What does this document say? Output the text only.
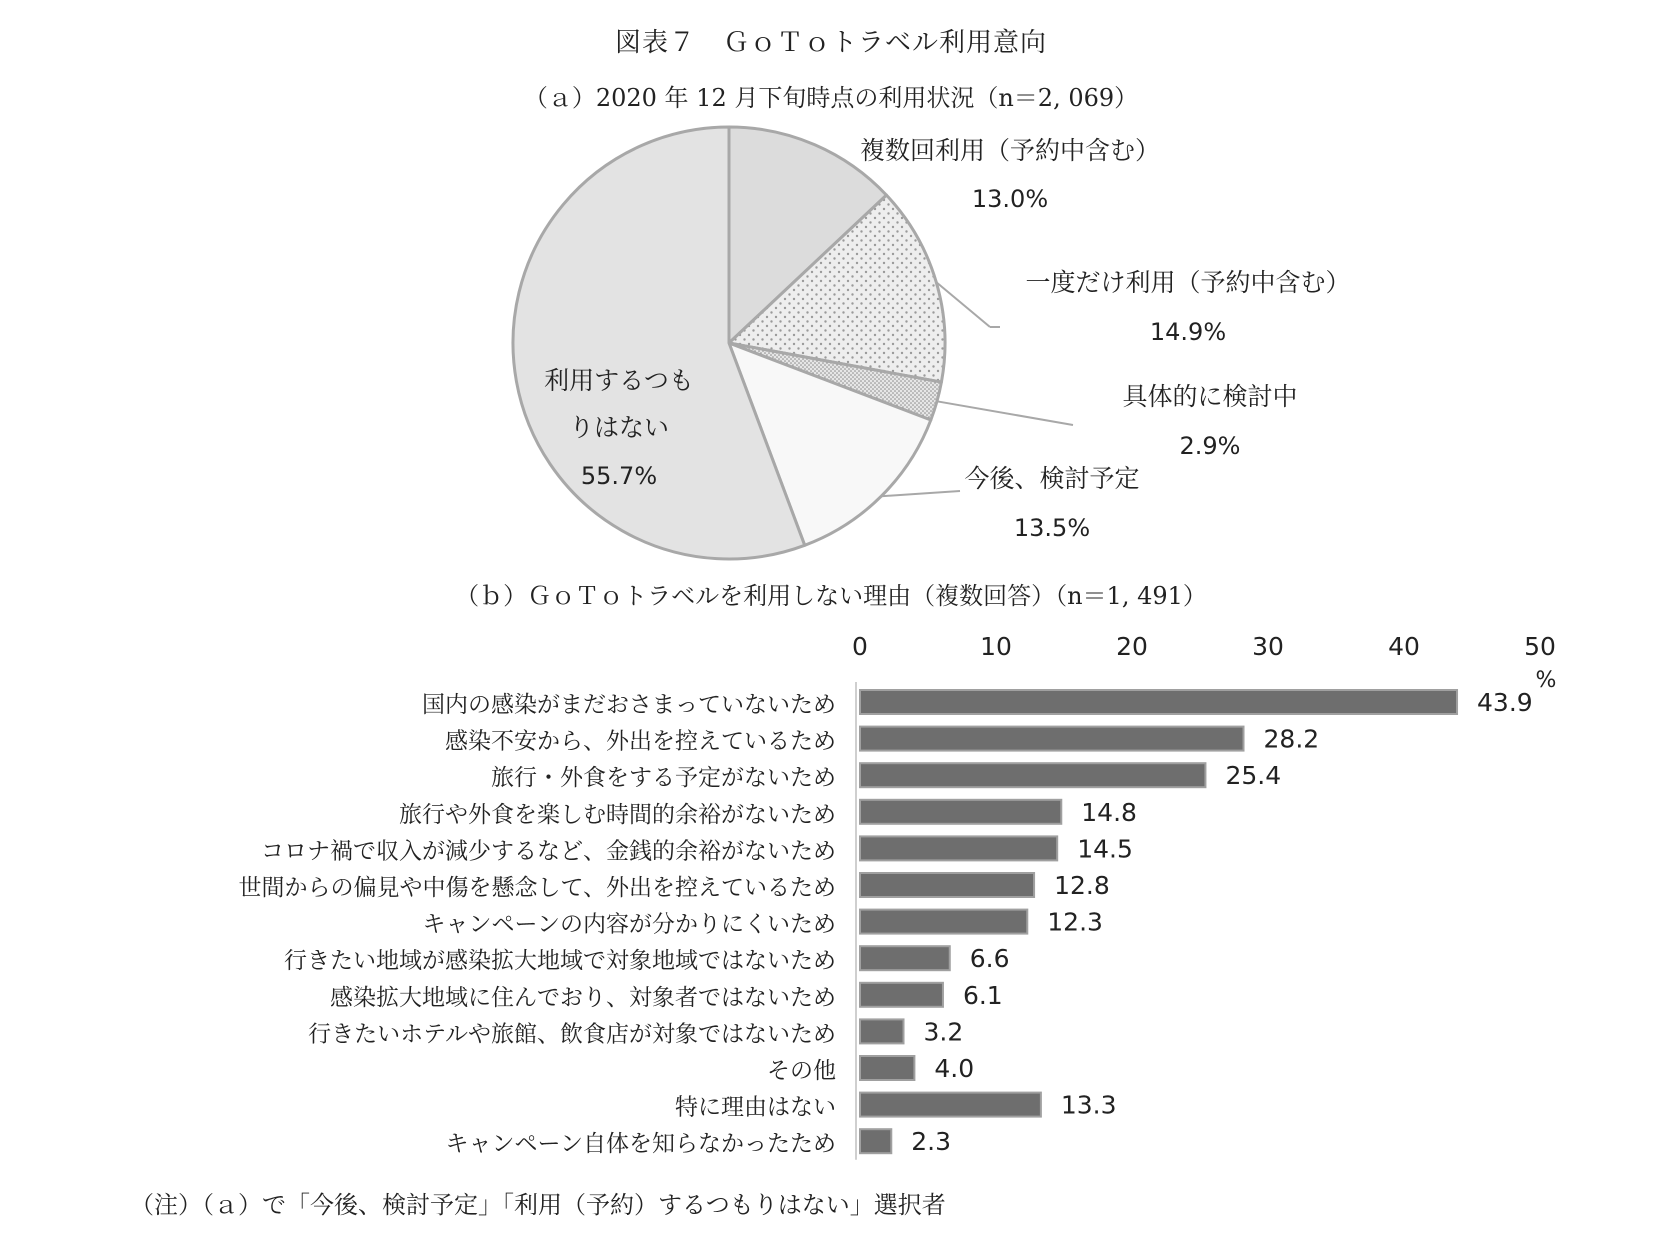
図表７　ＧｏＴｏトラベル利用意向
（ａ）2020 年 12 月下旬時点の利用状況（n＝2, 069）
（ｂ）ＧｏＴｏトラベルを利用しない理由（複数回答）（n＝1, 491）
（注）（ａ）で「今後、検討予定」「利用（予約）するつもりはない」選択者
複数回利用（予約中含む）
13.0%
一度だけ利用（予約中含む）
14.9%
具体的に検討中
2.9%
今後、検討予定
13.5%
利用するつも
りはない
55.7%
0	10	20	30	40	50
%
国内の感染がまだおさまっていないため
感染不安から、外出を控えているため
旅行・外食をする予定がないため
旅行や外食を楽しむ時間的余裕がないため
コロナ禍で収入が減少するなど、金銭的余裕がないため
世間からの偏見や中傷を懸念して、外出を控えているため
キャンペーンの内容が分かりにくいため
行きたい地域が感染拡大地域で対象地域ではないため
感染拡大地域に住んでおり、対象者ではないため
行きたいホテルや旅館、飲食店が対象ではないため
その他
特に理由はない
キャンペーン自体を知らなかったため
43.9
28.2
25.4
14.8
14.5
12.8
12.3
6.6
6.1
3.2
4.0
13.3
2.3
